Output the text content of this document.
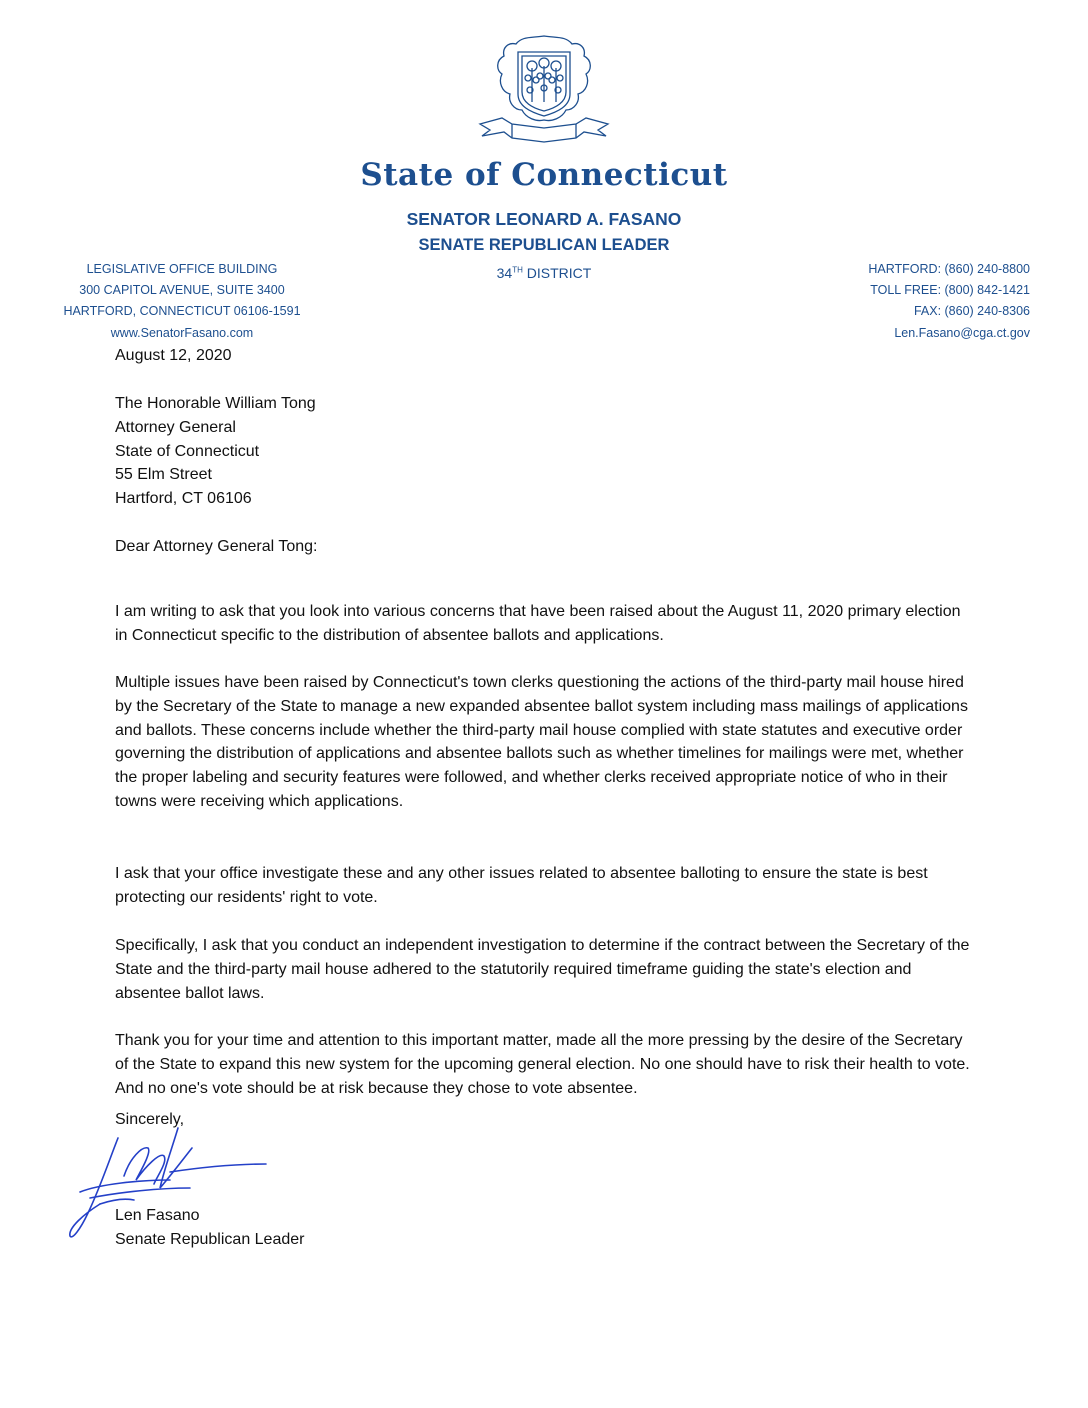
State of Connecticut
SENATOR LEONARD A. FASANO
SENATE REPUBLICAN LEADER
34TH DISTRICT
LEGISLATIVE OFFICE BUILDING
300 CAPITOL AVENUE, SUITE 3400
HARTFORD, CONNECTICUT 06106-1591
www.SenatorFasano.com
HARTFORD: (860) 240-8800
TOLL FREE: (800) 842-1421
FAX: (860) 240-8306
Len.Fasano@cga.ct.gov
August 12, 2020
The Honorable William Tong
Attorney General
State of Connecticut
55 Elm Street
Hartford, CT 06106
Dear Attorney General Tong:

I am writing to ask that you look into various concerns that have been raised about the August 11, 2020 primary election in Connecticut specific to the distribution of absentee ballots and applications.

Multiple issues have been raised by Connecticut's town clerks questioning the actions of the third-party mail house hired by the Secretary of the State to manage a new expanded absentee ballot system including mass mailings of applications and ballots. These concerns include whether the third-party mail house complied with state statutes and executive order governing the distribution of applications and absentee ballots such as whether timelines for mailings were met, whether the proper labeling and security features were followed, and whether clerks received appropriate notice of who in their towns were receiving which applications.

I ask that your office investigate these and any other issues related to absentee balloting to ensure the state is best protecting our residents' right to vote.

Specifically, I ask that you conduct an independent investigation to determine if the contract between the Secretary of the State and the third-party mail house adhered to the statutorily required timeframe guiding the state's election and absentee ballot laws.

Thank you for your time and attention to this important matter, made all the more pressing by the desire of the Secretary of the State to expand this new system for the upcoming general election. No one should have to risk their health to vote. And no one's vote should be at risk because they chose to vote absentee.

Sincerely,
Len Fasano
Senate Republican Leader
